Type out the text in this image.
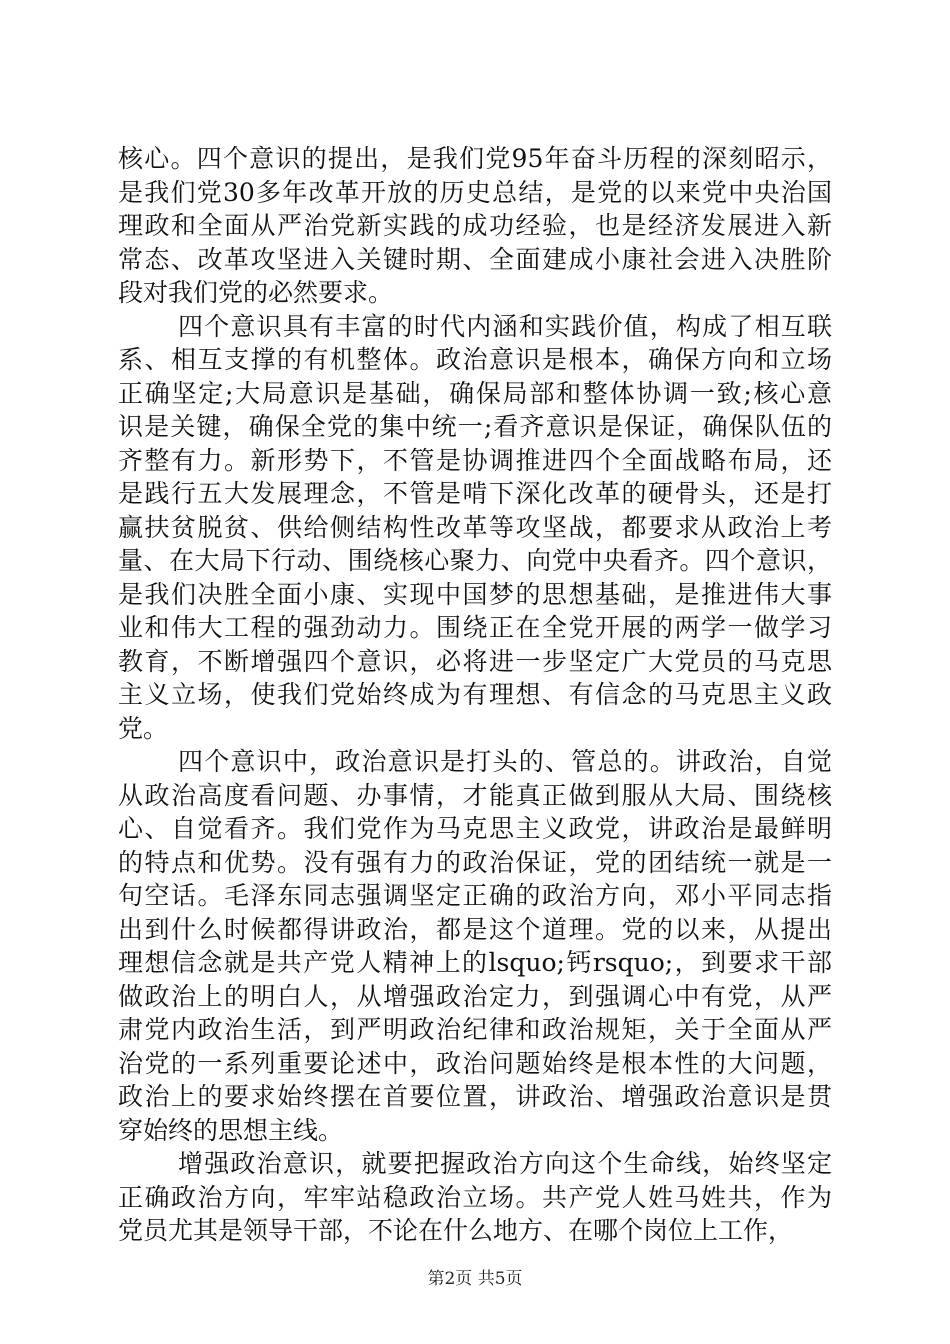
核心。四个意识的提出，是我们党95年奋斗历程的深刻昭示，
是我们党30多年改革开放的历史总结，是党的以来党中央治国
理政和全面从严治党新实践的成功经验，也是经济发展进入新
常态、改革攻坚进入关键时期、全面建成小康社会进入决胜阶
段对我们党的必然要求。
四个意识具有丰富的时代内涵和实践价值，构成了相互联
系、相互支撑的有机整体。政治意识是根本，确保方向和立场
正确坚定;大局意识是基础，确保局部和整体协调一致;核心意
识是关键，确保全党的集中统一;看齐意识是保证，确保队伍的
齐整有力。新形势下，不管是协调推进四个全面战略布局，还
是践行五大发展理念，不管是啃下深化改革的硬骨头，还是打
赢扶贫脱贫、供给侧结构性改革等攻坚战，都要求从政治上考
量、在大局下行动、围绕核心聚力、向党中央看齐。四个意识，
是我们决胜全面小康、实现中国梦的思想基础，是推进伟大事
业和伟大工程的强劲动力。围绕正在全党开展的两学一做学习
教育，不断增强四个意识，必将进一步坚定广大党员的马克思
主义立场，使我们党始终成为有理想、有信念的马克思主义政
党。
四个意识中，政治意识是打头的、管总的。讲政治，自觉
从政治高度看问题、办事情，才能真正做到服从大局、围绕核
心、自觉看齐。我们党作为马克思主义政党，讲政治是最鲜明
的特点和优势。没有强有力的政治保证，党的团结统一就是一
句空话。毛泽东同志强调坚定正确的政治方向，邓小平同志指
出到什么时候都得讲政治，都是这个道理。党的以来，从提出
理想信念就是共产党人精神上的lsquo;钙rsquo;，到要求干部
做政治上的明白人，从增强政治定力，到强调心中有党，从严
肃党内政治生活，到严明政治纪律和政治规矩，关于全面从严
治党的一系列重要论述中，政治问题始终是根本性的大问题，
政治上的要求始终摆在首要位置，讲政治、增强政治意识是贯
穿始终的思想主线。
增强政治意识，就要把握政治方向这个生命线，始终坚定
正确政治方向，牢牢站稳政治立场。共产党人姓马姓共，作为
党员尤其是领导干部，不论在什么地方、在哪个岗位上工作，
第2页 共5页
